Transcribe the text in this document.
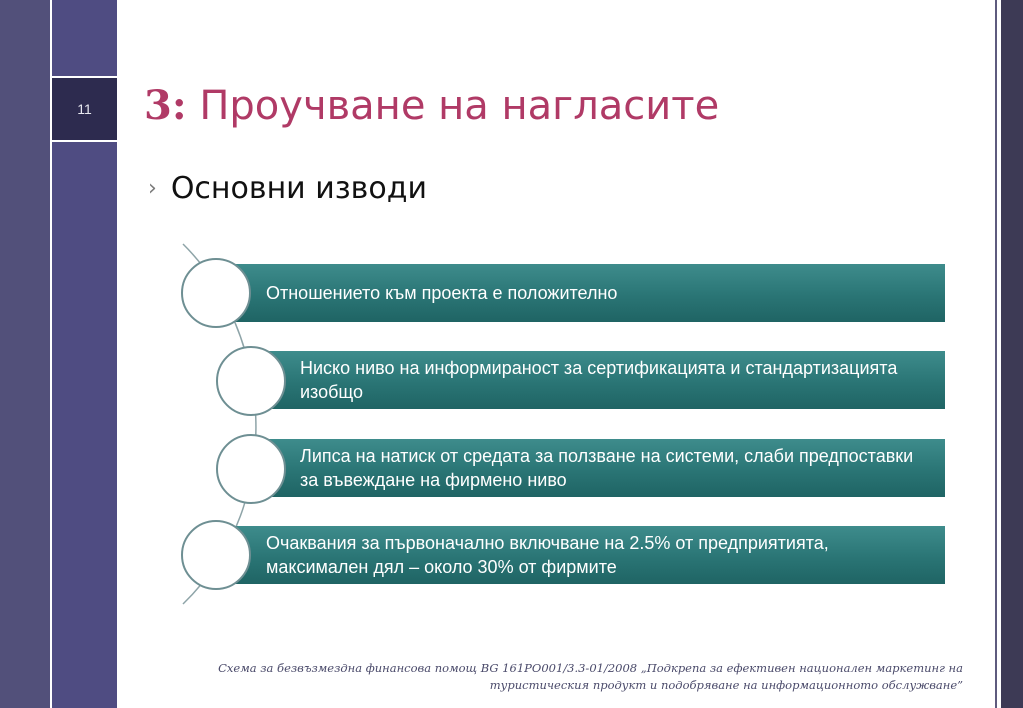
11 3: Проучване на нагласите
› Основни изводи
Отношението към проекта е положително
Ниско ниво на информираност за сертификацията и стандартизацията изобщо
Липса на натиск от средата за ползване на системи, слаби предпоставки за въвеждане на фирмено ниво
Очаквания за първоначално включване на 2.5% от предприятията, максимален дял – около 30% от фирмите
Схема за безвъзмездна финансова помощ BG 161PO001/3.3-01/2008 „Подкрепа за ефективен национален маркетинг на
туристическия продукт и подобряване на информационното обслужване”
